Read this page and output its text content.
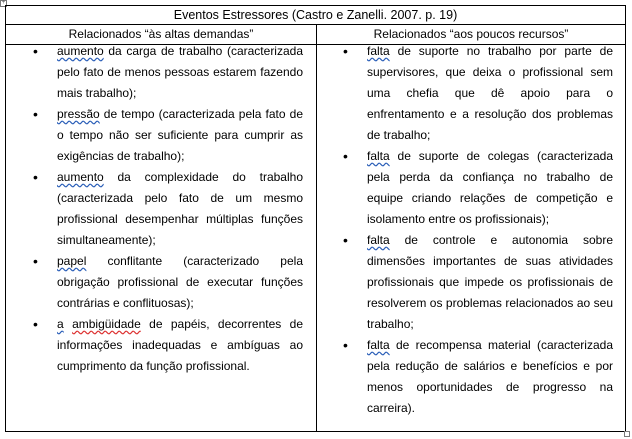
+
Eventos Estressores (Castro e Zanelli. 2007. p. 19)
Relacionados “às altas demandas”	Relacionados “aos poucos recursos”

• aumento da carga de trabalho (caracterizada pelo fato de menos pessoas estarem fazendo mais trabalho);

• pressão de tempo (caracterizada pela fato de o tempo não ser suficiente para cumprir as exigências de trabalho);

• aumento da complexidade do trabalho (caracterizada pelo fato de um mesmo profissional desempenhar múltiplas funções simultaneamente);

• papel conflitante (caracterizado pela obrigação profissional de executar funções contrárias e conflituosas);

• a ambigüidade de papéis, decorrentes de informações inadequadas e ambíguas ao cumprimento da função profissional.

• falta de suporte no trabalho por parte de supervisores, que deixa o profissional sem uma chefia que dê apoio para o enfrentamento e a resolução dos problemas de trabalho;

• falta de suporte de colegas (caracterizada pela perda da confiança no trabalho de equipe criando relações de competição e isolamento entre os profissionais);

• falta de controle e autonomia sobre dimensões importantes de suas atividades profissionais que impede os profissionais de resolverem os problemas relacionados ao seu trabalho;

• falta de recompensa material (caracterizada pela redução de salários e benefícios e por menos oportunidades de progresso na carreira).
